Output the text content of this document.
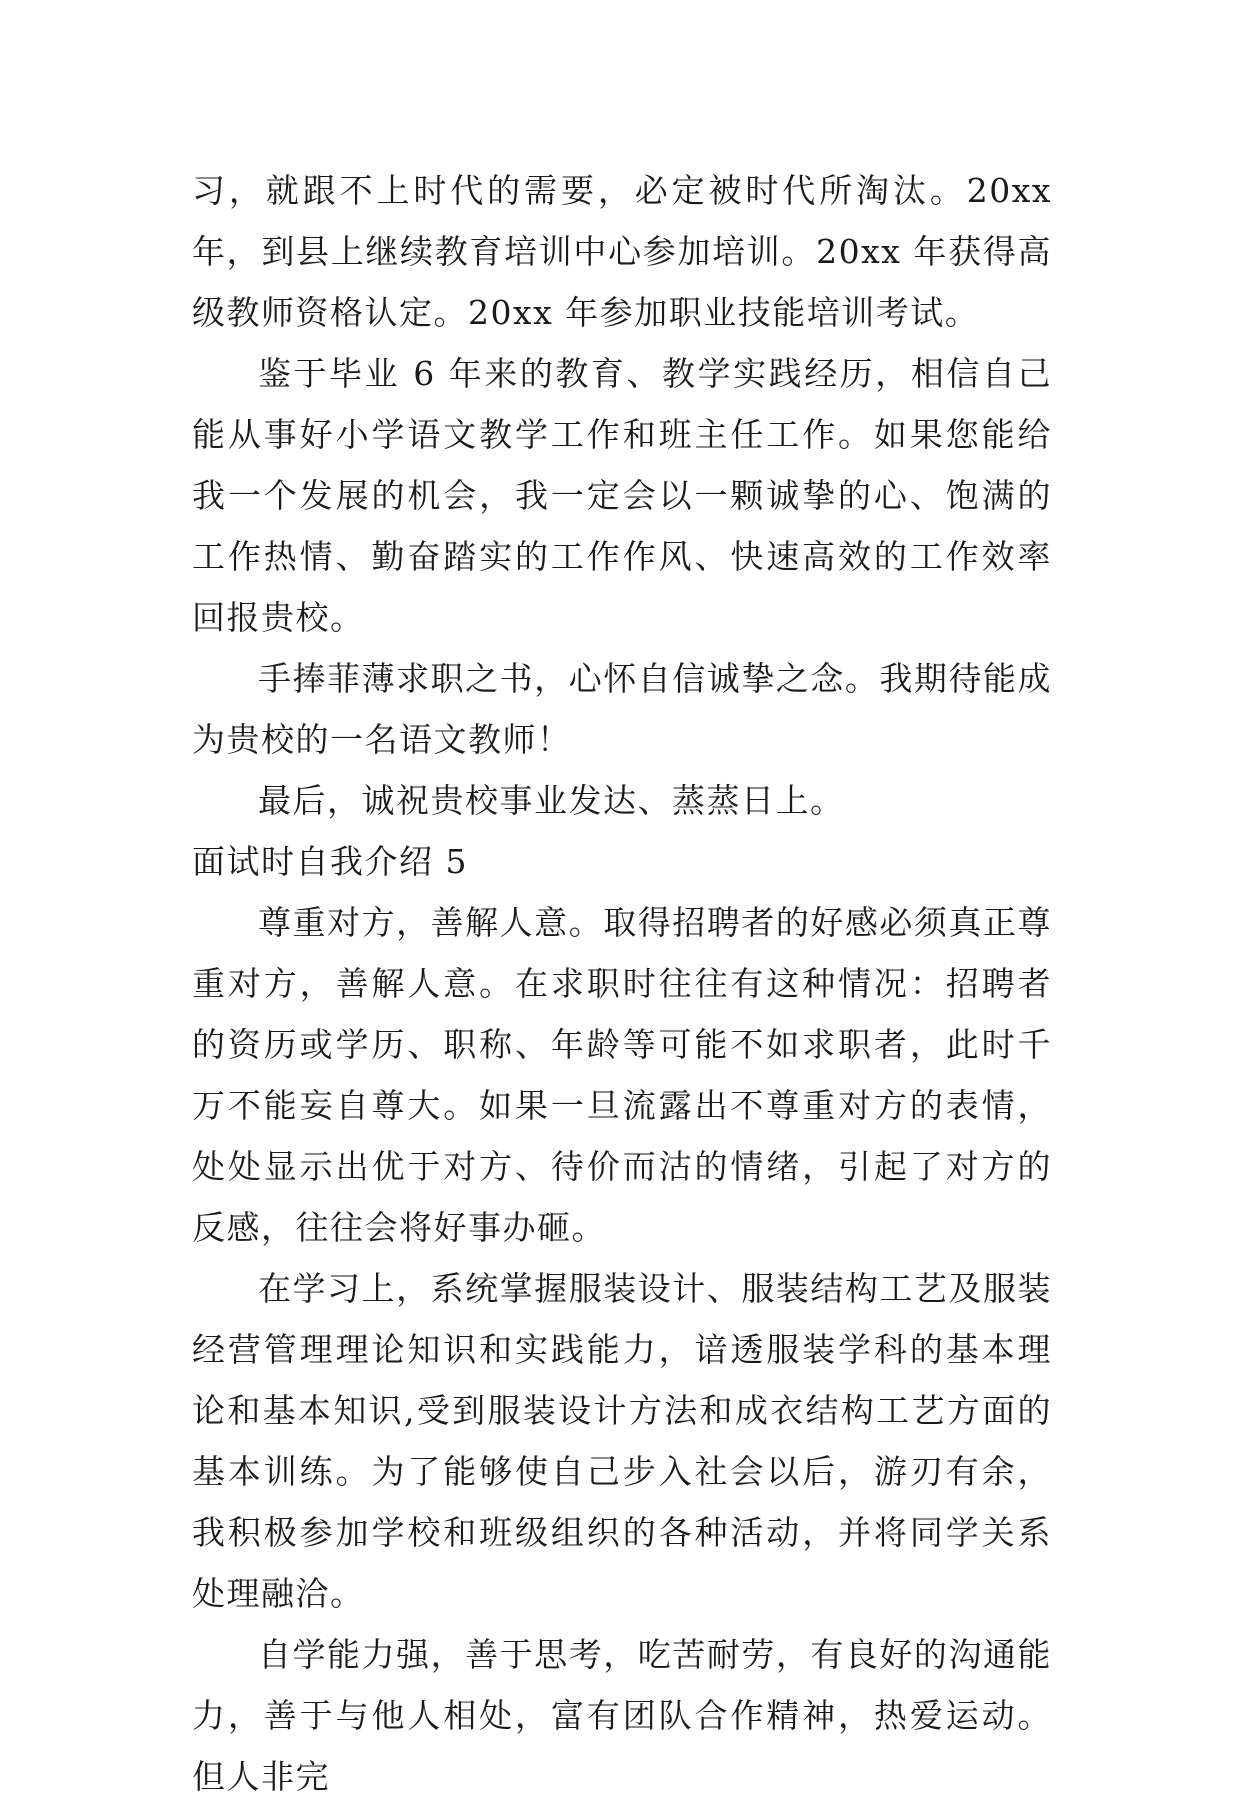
习，就跟不上时代的需要，必定被时代所淘汰。20xx 年，到县上继续教育培训中心参加培训。20xx 年获得高级教师资格认定。20xx 年参加职业技能培训考试。

鉴于毕业 6 年来的教育、教学实践经历，相信自己能从事好小学语文教学工作和班主任工作。如果您能给我一个发展的机会，我一定会以一颗诚挚的心、饱满的工作热情、勤奋踏实的工作作风、快速高效的工作效率回报贵校。

手捧菲薄求职之书，心怀自信诚挚之念。我期待能成为贵校的一名语文教师！

最后，诚祝贵校事业发达、蒸蒸日上。

面试时自我介绍 5

尊重对方，善解人意。取得招聘者的好感必须真正尊重对方，善解人意。在求职时往往有这种情况：招聘者的资历或学历、职称、年龄等可能不如求职者，此时千万不能妄自尊大。如果一旦流露出不尊重对方的表情，处处显示出优于对方、待价而沽的情绪，引起了对方的反感，往往会将好事办砸。

在学习上，系统掌握服装设计、服装结构工艺及服装经营管理理论知识和实践能力，谙透服装学科的基本理论和基本知识,受到服装设计方法和成衣结构工艺方面的基本训练。为了能够使自己步入社会以后，游刃有余，我积极参加学校和班级组织的各种活动，并将同学关系处理融洽。

自学能力强，善于思考，吃苦耐劳，有良好的沟通能力，善于与他人相处，富有团队合作精神，热爱运动。但人非完
